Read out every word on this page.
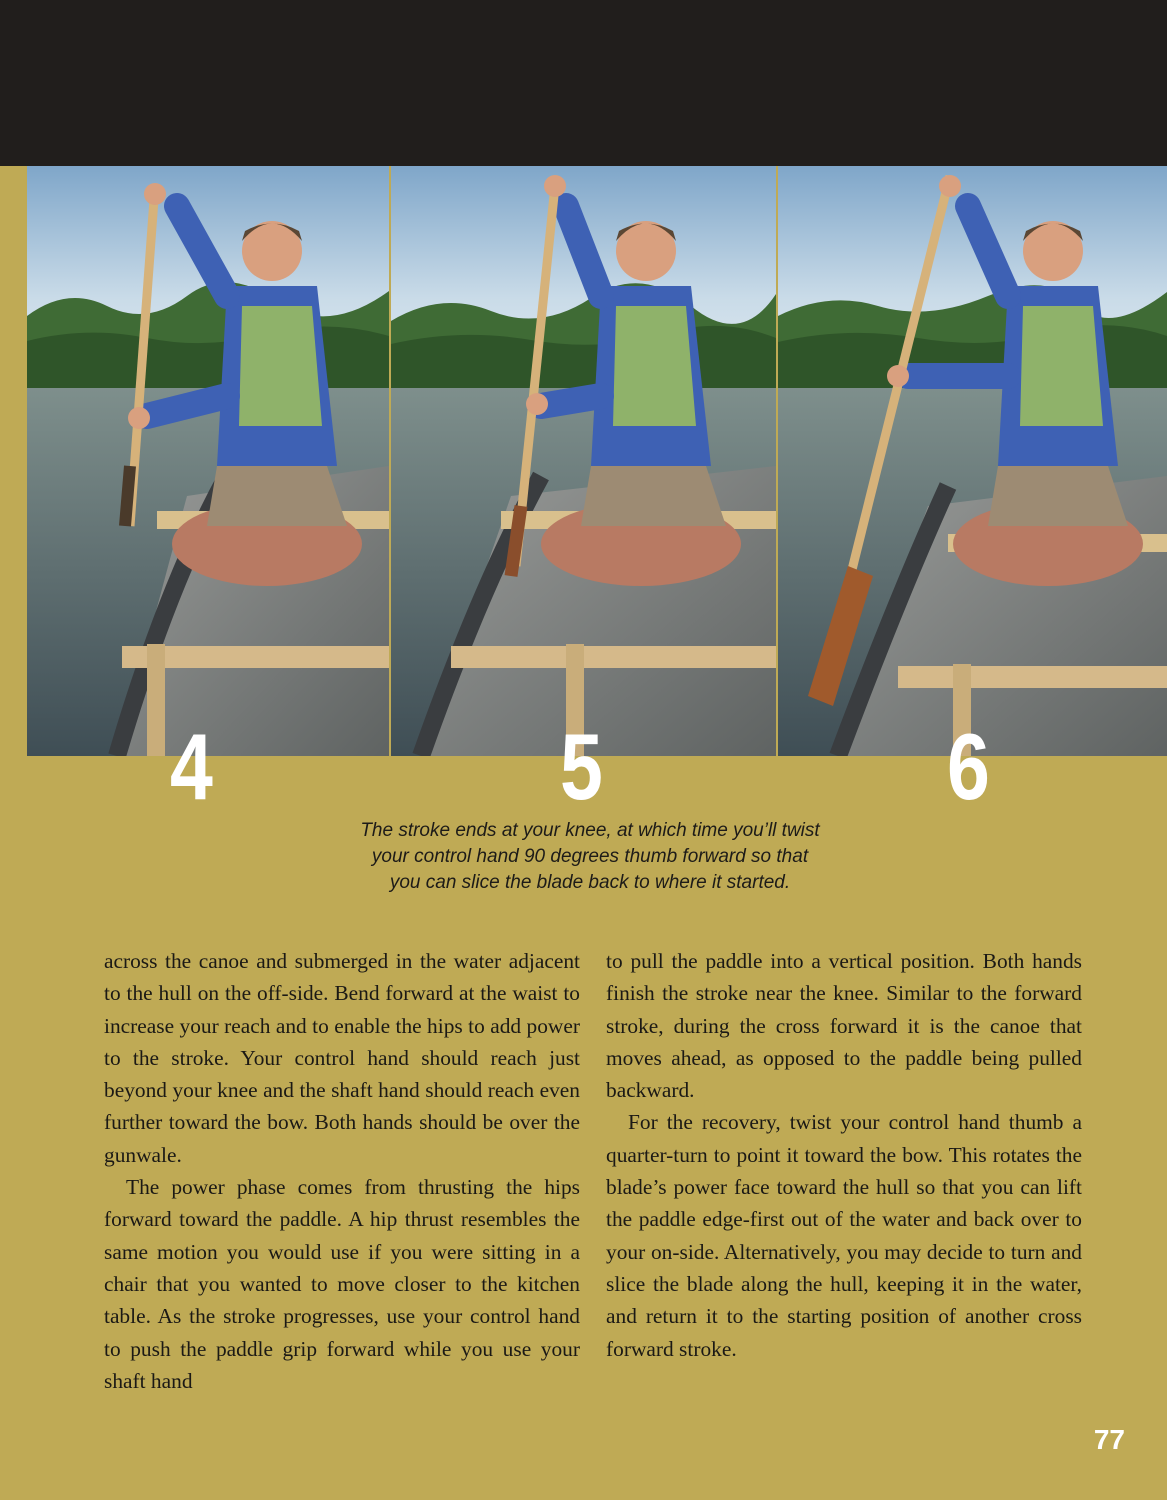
4	5	6
The stroke ends at your knee, at which time you’ll twist
your control hand 90 degrees thumb forward so that
you can slice the blade back to where it started.

across the canoe and submerged in the water adjacent to the hull on the off-side. Bend forward at the waist to increase your reach and to enable the hips to add power to the stroke. Your control hand should reach just beyond your knee and the shaft hand should reach even further toward the bow. Both hands should be over the gunwale.

The power phase comes from thrusting the hips forward toward the paddle. A hip thrust resembles the same motion you would use if you were sitting in a chair that you wanted to move closer to the kitchen table. As the stroke progresses, use your control hand to push the paddle grip forward while you use your shaft hand

to pull the paddle into a vertical position. Both hands finish the stroke near the knee. Similar to the forward stroke, during the cross forward it is the canoe that moves ahead, as opposed to the paddle being pulled backward.

For the recovery, twist your control hand thumb a quarter-turn to point it toward the bow. This rotates the blade’s power face toward the hull so that you can lift the paddle edge-first out of the water and back over to your on-side. Alternatively, you may decide to turn and slice the blade along the hull, keeping it in the water, and return it to the starting position of another cross forward stroke.

77
